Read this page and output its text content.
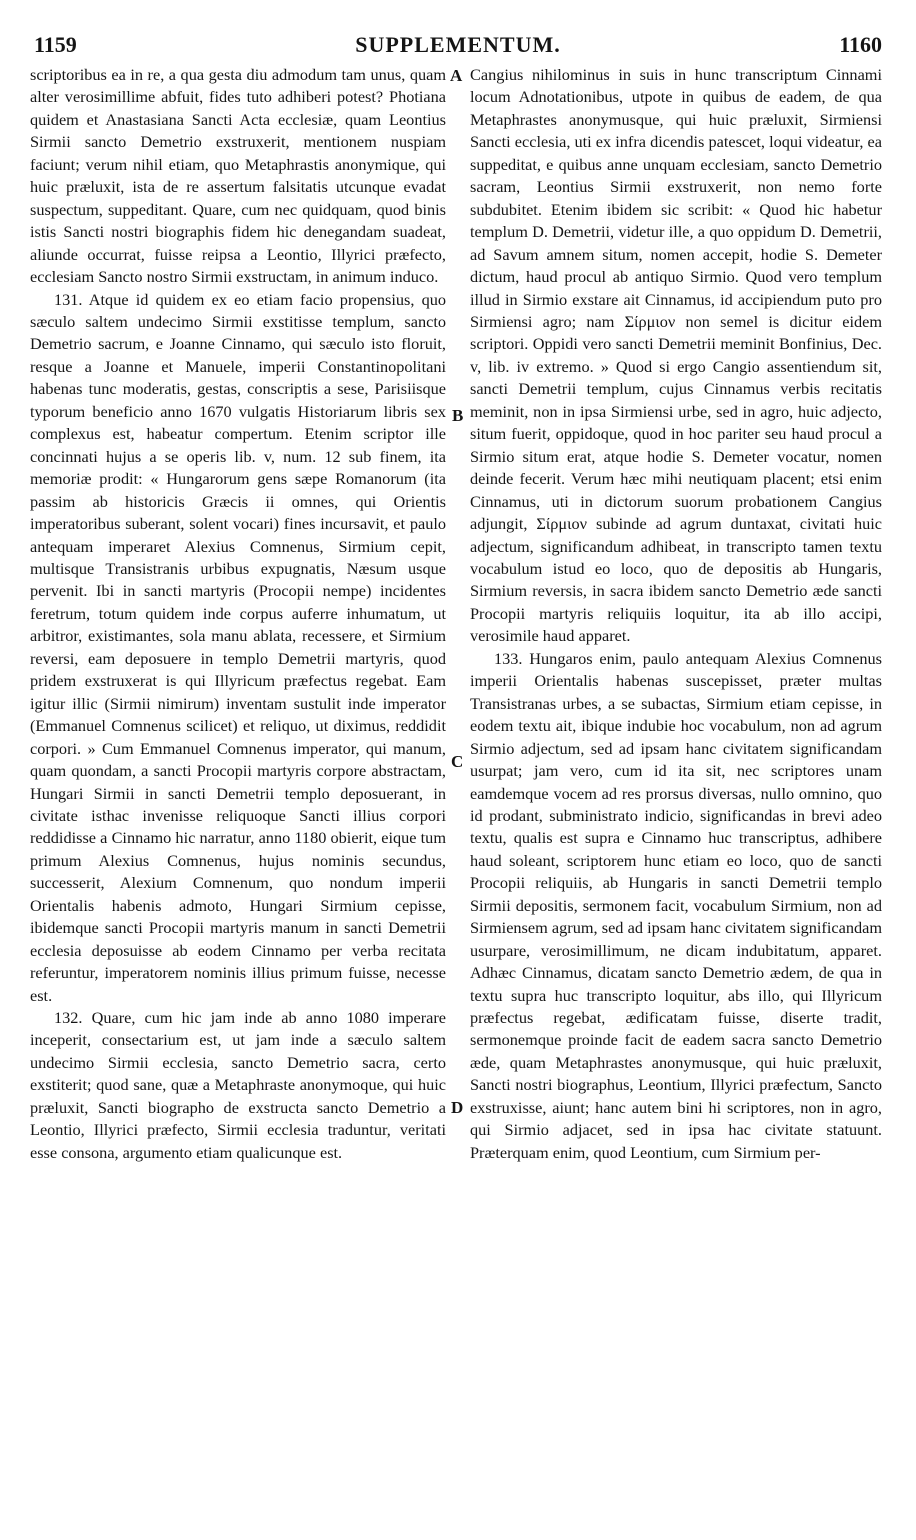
1159	SUPPLEMENTUM.	1160

scriptoribus ea in re, a qua gesta diu admodum tam unus, quam alter verosimillime abfuit, fides tuto adhiberi potest? Photiana quidem et Anastasiana Sancti Acta ecclesiæ, quam Leontius Sirmii sancto Demetrio exstruxerit, mentionem nuspiam faciunt; verum nihil etiam, quo Metaphrastis anonymique, qui huic præluxit, ista de re assertum falsitatis utcunque evadat suspectum, suppeditant. Quare, cum nec quidquam, quod binis istis Sancti nostri biographis fidem hic denegandam suadeat, aliunde occurrat, fuisse reipsa a Leontio, Illyrici præfecto, ecclesiam Sancto nostro Sirmii exstructam, in animum induco.

131. Atque id quidem ex eo etiam facio propensius, quo sæculo saltem undecimo Sirmii exstitisse templum, sancto Demetrio sacrum, e Joanne Cinnamo, qui sæculo isto floruit, resque a Joanne et Manuele, imperii Constantinopolitani habenas tunc moderatis, gestas, conscriptis a sese, Parisiisque typorum beneficio anno 1670 vulgatis Historiarum libris sex complexus est, habeatur compertum. Etenim scriptor ille concinnati hujus a se operis lib. v, num. 12 sub finem, ita memoriæ prodit: « Hungarorum gens sæpe Romanorum (ita passim ab historicis Græcis ii omnes, qui Orientis imperatoribus suberant, solent vocari) fines incursavit, et paulo antequam imperaret Alexius Comnenus, Sirmium cepit, multisque Transistranis urbibus expugnatis, Næsum usque pervenit. Ibi in sancti martyris (Procopii nempe) incidentes feretrum, totum quidem inde corpus auferre inhumatum, ut arbitror, existimantes, sola manu ablata, recessere, et Sirmium reversi, eam deposuere in templo Demetrii martyris, quod pridem exstruxerat is qui Illyricum præfectus regebat. Eam igitur illic (Sirmii nimirum) inventam sustulit inde imperator (Emmanuel Comnenus scilicet) et reliquo, ut diximus, reddidit corpori. » Cum Emmanuel Comnenus imperator, qui manum, quam quondam, a sancti Procopii martyris corpore abstractam, Hungari Sirmii in sancti Demetrii templo deposuerant, in civitate isthac invenisse reliquoque Sancti illius corpori reddidisse a Cinnamo hic narratur, anno 1180 obierit, eique tum primum Alexius Comnenus, hujus nominis secundus, successerit, Alexium Comnenum, quo nondum imperii Orientalis habenis admoto, Hungari Sirmium cepisse, ibidemque sancti Procopii martyris manum in sancti Demetrii ecclesia deposuisse ab eodem Cinnamo per verba recitata referuntur, imperatorem nominis illius primum fuisse, necesse est.

132. Quare, cum hic jam inde ab anno 1080 imperare inceperit, consectarium est, ut jam inde a sæculo saltem undecimo Sirmii ecclesia, sancto Demetrio sacra, certo exstiterit; quod sane, quæ a Metaphraste anonymoque, qui huic præluxit, Sancti biographo de exstructa sancto Demetrio a Leontio, Illyrici præfecto, Sirmii ecclesia traduntur, veritati esse consona, argumento etiam qualicunque est.

A
B
C
D

Cangius nihilominus in suis in hunc transcriptum Cinnami locum Adnotationibus, utpote in quibus de eadem, de qua Metaphrastes anonymusque, qui huic præluxit, Sirmiensi Sancti ecclesia, uti ex infra dicendis patescet, loqui videatur, ea suppeditat, e quibus anne unquam ecclesiam, sancto Demetrio sacram, Leontius Sirmii exstruxerit, non nemo forte subdubitet. Etenim ibidem sic scribit: « Quod hic habetur templum D. Demetrii, videtur ille, a quo oppidum D. Demetrii, ad Savum amnem situm, nomen accepit, hodie S. Demeter dictum, haud procul ab antiquo Sirmio. Quod vero templum illud in Sirmio exstare ait Cinnamus, id accipiendum puto pro Sirmiensi agro; nam Σίρμιον non semel is dicitur eidem scriptori. Oppidi vero sancti Demetrii meminit Bonfinius, Dec. v, lib. iv extremo. » Quod si ergo Cangio assentiendum sit, sancti Demetrii templum, cujus Cinnamus verbis recitatis meminit, non in ipsa Sirmiensi urbe, sed in agro, huic adjecto, situm fuerit, oppidoque, quod in hoc pariter seu haud procul a Sirmio situm erat, atque hodie S. Demeter vocatur, nomen deinde fecerit. Verum hæc mihi neutiquam placent; etsi enim Cinnamus, uti in dictorum suorum probationem Cangius adjungit, Σίρμιον subinde ad agrum duntaxat, civitati huic adjectum, significandum adhibeat, in transcripto tamen textu vocabulum istud eo loco, quo de depositis ab Hungaris, Sirmium reversis, in sacra ibidem sancto Demetrio æde sancti Procopii martyris reliquiis loquitur, ita ab illo accipi, verosimile haud apparet.

133. Hungaros enim, paulo antequam Alexius Comnenus imperii Orientalis habenas suscepisset, præter multas Transistranas urbes, a se subactas, Sirmium etiam cepisse, in eodem textu ait, ibique indubie hoc vocabulum, non ad agrum Sirmio adjectum, sed ad ipsam hanc civitatem significandam usurpat; jam vero, cum id ita sit, nec scriptores unam eamdemque vocem ad res prorsus diversas, nullo omnino, quo id prodant, subministrato indicio, significandas in brevi adeo textu, qualis est supra e Cinnamo huc transcriptus, adhibere haud soleant, scriptorem hunc etiam eo loco, quo de sancti Procopii reliquiis, ab Hungaris in sancti Demetrii templo Sirmii depositis, sermonem facit, vocabulum Sirmium, non ad Sirmiensem agrum, sed ad ipsam hanc civitatem significandam usurpare, verosimillimum, ne dicam indubitatum, apparet. Adhæc Cinnamus, dicatam sancto Demetrio ædem, de qua in textu supra huc transcripto loquitur, abs illo, qui Illyricum præfectus regebat, ædificatam fuisse, diserte tradit, sermonemque proinde facit de eadem sacra sancto Demetrio æde, quam Metaphrastes anonymusque, qui huic præluxit, Sancti nostri biographus, Leontium, Illyrici præfectum, Sancto exstruxisse, aiunt; hanc autem bini hi scriptores, non in agro, qui Sirmio adjacet, sed in ipsa hac civitate statuunt. Præterquam enim, quod Leontium, cum Sirmium per-
